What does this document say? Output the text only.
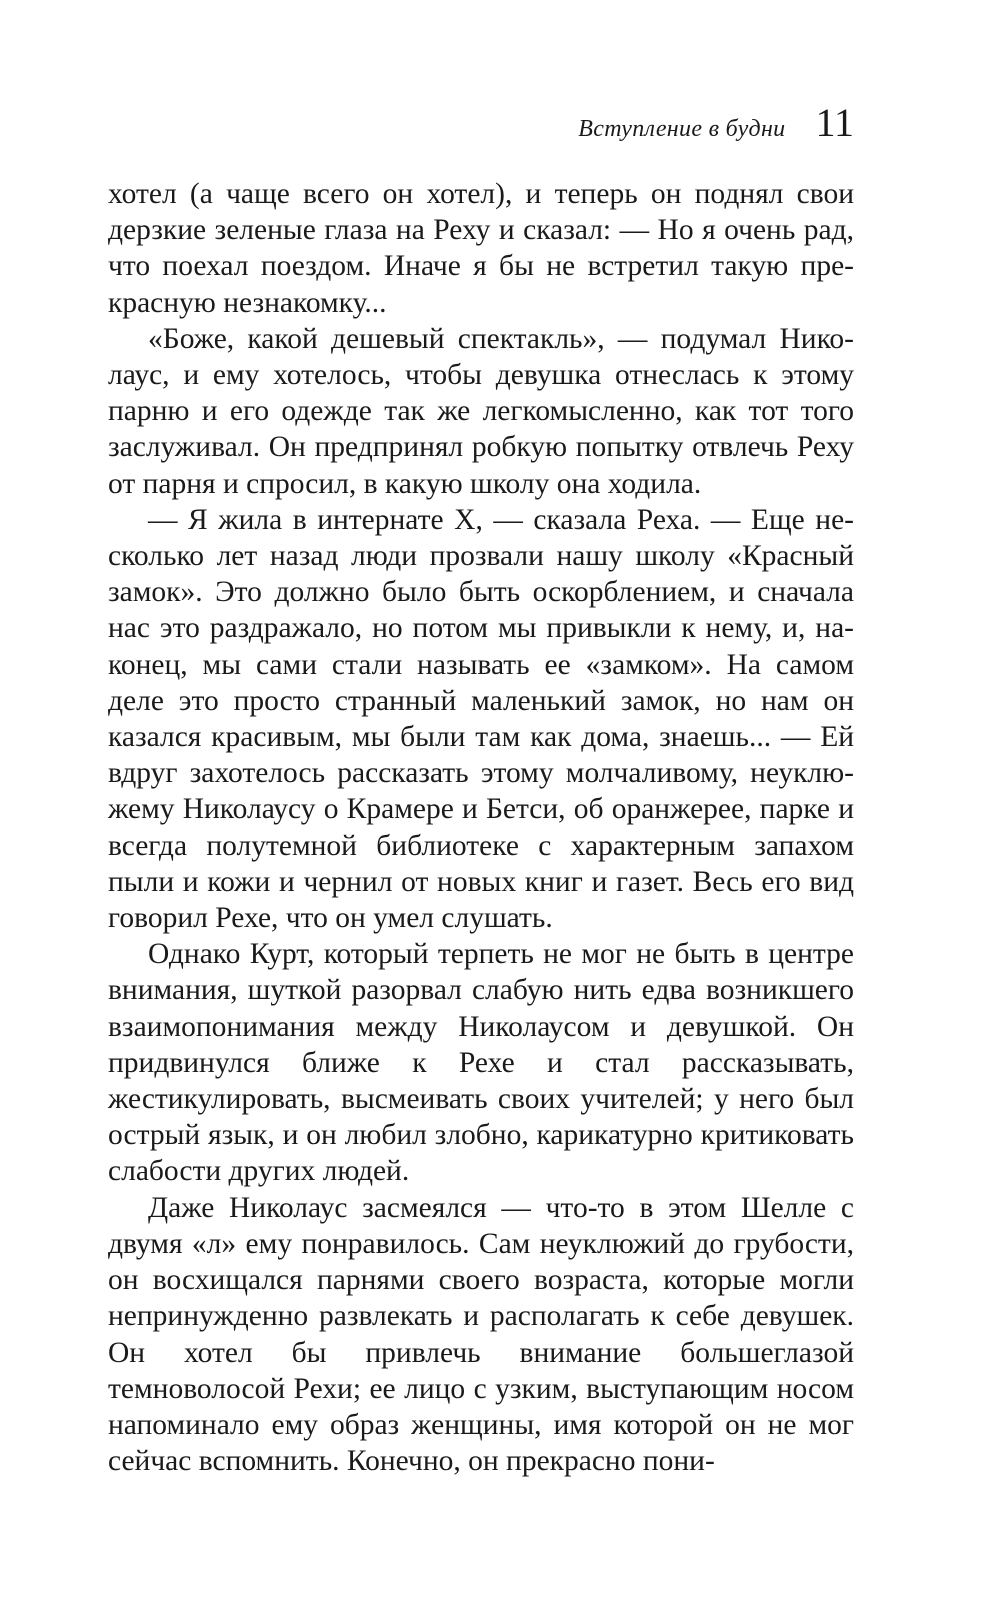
Вступление в будни 11

хотел (а чаще всего он хотел), и теперь он поднял свои дерзкие зеленые глаза на Реху и сказал: — Но я очень рад, что поехал поездом. Иначе я бы не встретил такую прекрасную незнакомку...

«Боже, какой дешевый спектакль», — подумал Николаус, и ему хотелось, чтобы девушка отнеслась к этому парню и его одежде так же легкомысленно, как тот того заслуживал. Он предпринял робкую попытку отвлечь Реху от парня и спросил, в какую школу она ходила.

— Я жила в интернате Х, — сказала Реха. — Еще несколько лет назад люди прозвали нашу школу «Красный замок». Это должно было быть оскорблением, и сначала нас это раздражало, но потом мы привыкли к нему, и, наконец, мы сами стали называть ее «замком». На самом деле это просто странный маленький замок, но нам он казался красивым, мы были там как дома, знаешь... — Ей вдруг захотелось рассказать этому молчаливому, неуклюжему Николаусу о Крамере и Бетси, об оранжерее, парке и всегда полутемной библиотеке с характерным запахом пыли и кожи и чернил от новых книг и газет. Весь его вид говорил Рехе, что он умел слушать.

Однако Курт, который терпеть не мог не быть в центре внимания, шуткой разорвал слабую нить едва возникшего взаимопонимания между Николаусом и девушкой. Он придвинулся ближе к Рехе и стал рассказывать, жестикулировать, высмеивать своих учителей; у него был острый язык, и он любил злобно, карикатурно критиковать слабости других людей.

Даже Николаус засмеялся — что-то в этом Шелле с двумя «л» ему понравилось. Сам неуклюжий до грубости, он восхищался парнями своего возраста, которые могли непринужденно развлекать и располагать к себе девушек. Он хотел бы привлечь внимание большеглазой темноволосой Рехи; ее лицо с узким, выступающим носом напоминало ему образ женщины, имя которой он не мог сейчас вспомнить. Конечно, он прекрасно пони-
